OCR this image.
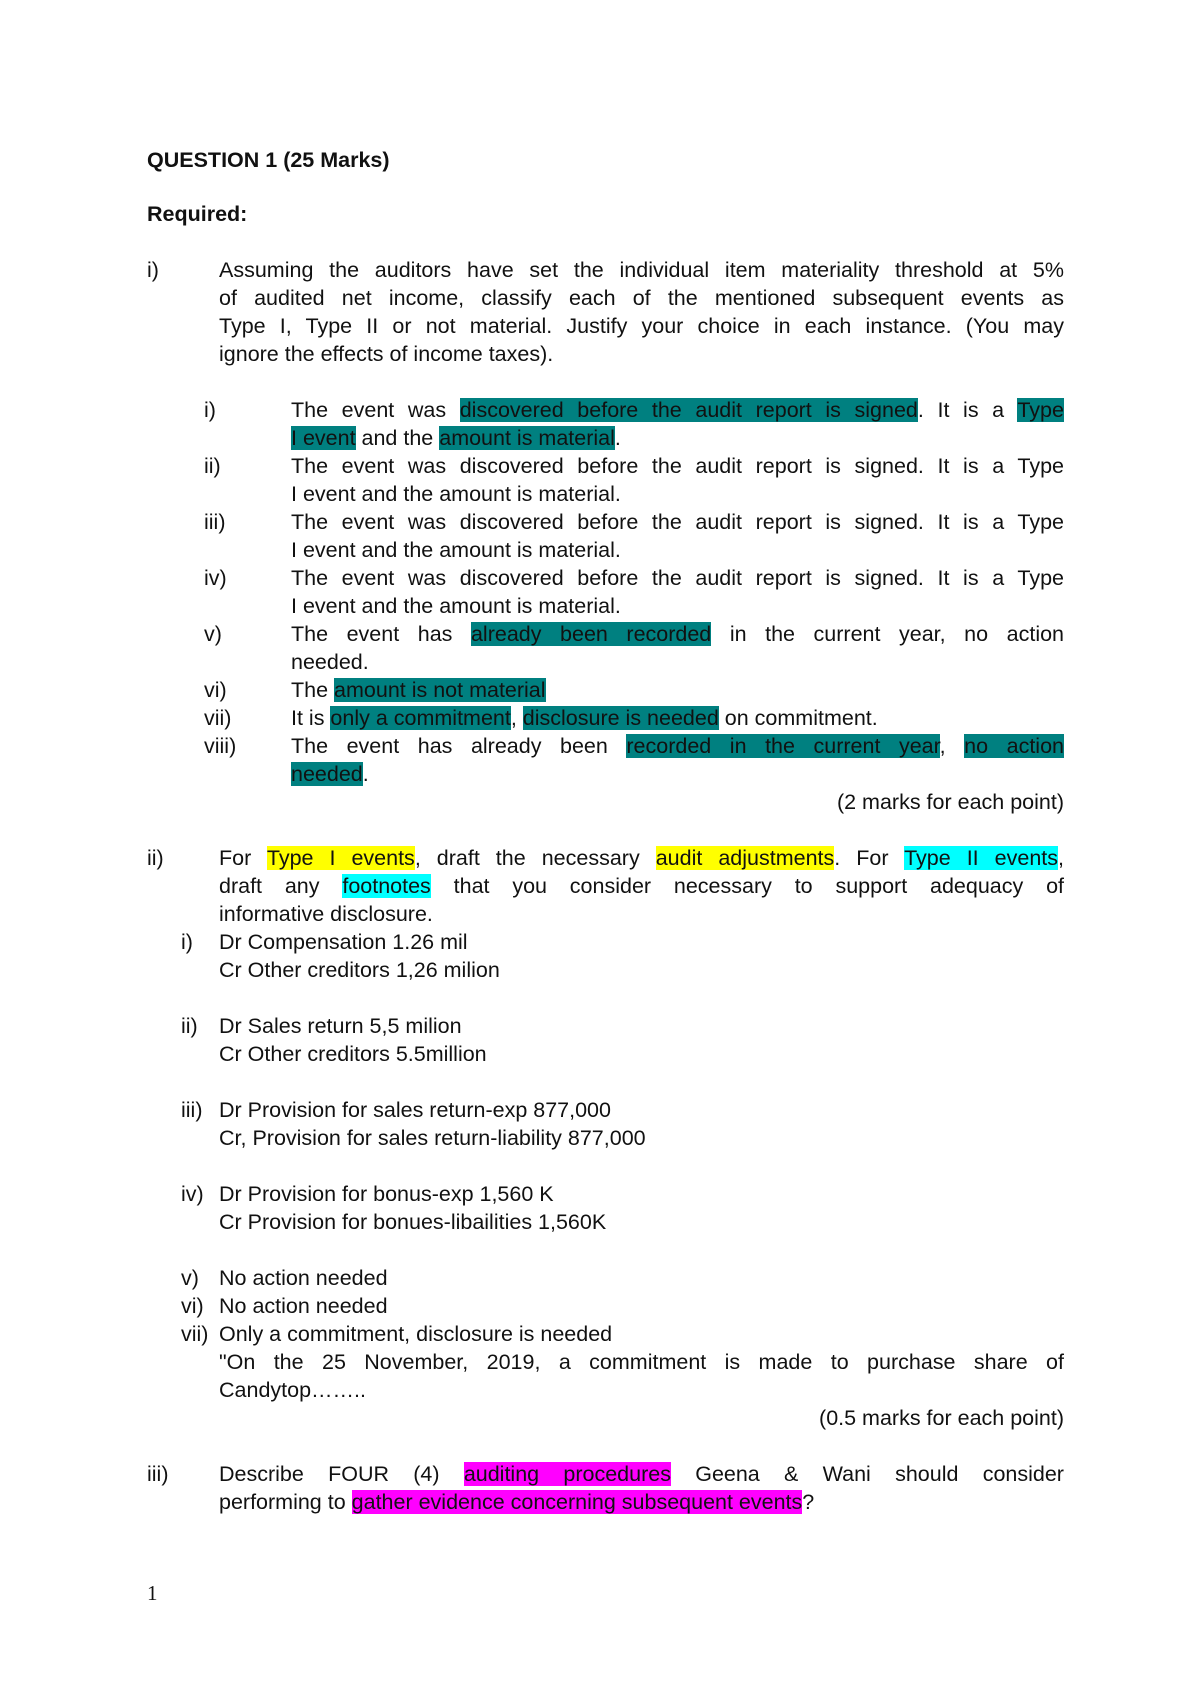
QUESTION 1 (25 Marks)
Required:
i)	Assuming the auditors have set the individual item materiality threshold at 5%
of audited net income, classify each of the mentioned subsequent events as
Type I, Type II or not material. Justify your choice in each instance. (You may
ignore the effects of income taxes).
i)	The event was discovered before the audit report is signed. It is a Type
I event and the amount is material.
ii)	The event was discovered before the audit report is signed. It is a Type
I event and the amount is material.
iii)	The event was discovered before the audit report is signed. It is a Type
I event and the amount is material.
iv)	The event was discovered before the audit report is signed. It is a Type
I event and the amount is material.
v)	The event has already been recorded in the current year, no action
needed.
vi)	The amount is not material
vii)	It is only a commitment, disclosure is needed on commitment.
viii)	The event has already been recorded in the current year, no action
needed.
(2 marks for each point)
ii)	For Type I events, draft the necessary audit adjustments. For Type II events,
draft any footnotes that you consider necessary to support adequacy of
informative disclosure.
i) Dr Compensation 1.26 mil
Cr Other creditors 1,26 milion
ii) Dr Sales return 5,5 milion
Cr Other creditors 5.5million
iii) Dr Provision for sales return-exp 877,000
Cr, Provision for sales return-liability 877,000
iv) Dr Provision for bonus-exp 1,560 K
Cr Provision for bonues-libailities 1,560K
v) No action needed
vi) No action needed
vii) Only a commitment, disclosure is needed
"On the 25 November, 2019, a commitment is made to purchase share of
Candytop……..
(0.5 marks for each point)
iii) Describe FOUR (4) auditing procedures Geena & Wani should consider
performing to gather evidence concerning subsequent events?
1
